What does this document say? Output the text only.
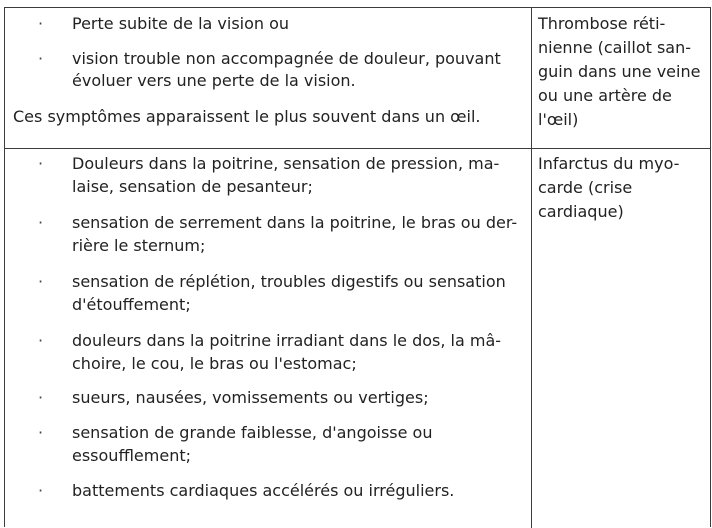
· Perte subite de la vision ou
· vision trouble non accompagnée de douleur, pouvant
évoluer vers une perte de la vision.
Ces symptômes apparaissent le plus souvent dans un œil.
Thrombose réti-
nienne (caillot san-
guin dans une veine
ou une artère de
l'œil)
· Douleurs dans la poitrine, sensation de pression, ma-
laise, sensation de pesanteur;
· sensation de serrement dans la poitrine, le bras ou der-
rière le sternum;
· sensation de réplétion, troubles digestifs ou sensation
d'étouffement;
· douleurs dans la poitrine irradiant dans le dos, la mâ-
choire, le cou, le bras ou l'estomac;
· sueurs, nausées, vomissements ou vertiges;
· sensation de grande faiblesse, d'angoisse ou
essoufflement;
· battements cardiaques accélérés ou irréguliers.
Infarctus du myo-
carde (crise
cardiaque)
